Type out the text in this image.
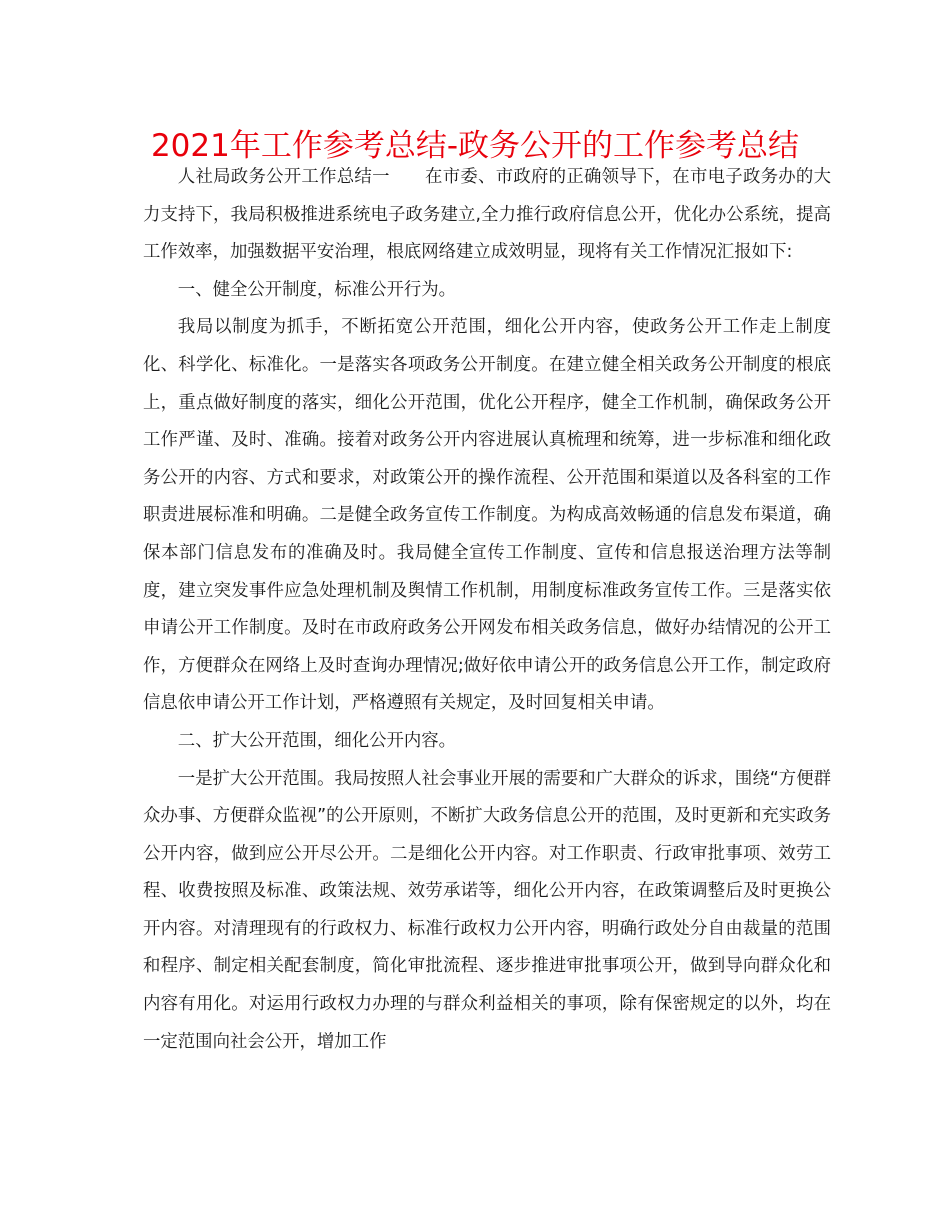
2021年工作参考总结-政务公开的工作参考总结

人社局政务公开工作总结一　　在市委、市政府的正确领导下，在市电子政务办的大力支持下，我局积极推进系统电子政务建立,全力推行政府信息公开，优化办公系统，提高工作效率，加强数据平安治理，根底网络建立成效明显，现将有关工作情况汇报如下:

一、健全公开制度，标准公开行为。

我局以制度为抓手，不断拓宽公开范围，细化公开内容，使政务公开工作走上制度化、科学化、标准化。一是落实各项政务公开制度。在建立健全相关政务公开制度的根底上，重点做好制度的落实，细化公开范围，优化公开程序，健全工作机制，确保政务公开工作严谨、及时、准确。接着对政务公开内容进展认真梳理和统筹，进一步标准和细化政务公开的内容、方式和要求，对政策公开的操作流程、公开范围和渠道以及各科室的工作职责进展标准和明确。二是健全政务宣传工作制度。为构成高效畅通的信息发布渠道，确保本部门信息发布的准确及时。我局健全宣传工作制度、宣传和信息报送治理方法等制度，建立突发事件应急处理机制及舆情工作机制，用制度标准政务宣传工作。三是落实依申请公开工作制度。及时在市政府政务公开网发布相关政务信息，做好办结情况的公开工作，方便群众在网络上及时查询办理情况;做好依申请公开的政务信息公开工作，制定政府信息依申请公开工作计划，严格遵照有关规定，及时回复相关申请。

二、扩大公开范围，细化公开内容。

一是扩大公开范围。我局按照人社会事业开展的需要和广大群众的诉求，围绕“方便群众办事、方便群众监视”的公开原则，不断扩大政务信息公开的范围，及时更新和充实政务公开内容，做到应公开尽公开。二是细化公开内容。对工作职责、行政审批事项、效劳工程、收费按照及标准、政策法规、效劳承诺等，细化公开内容，在政策调整后及时更换公开内容。对清理现有的行政权力、标准行政权力公开内容，明确行政处分自由裁量的范围和程序、制定相关配套制度，简化审批流程、逐步推进审批事项公开，做到导向群众化和内容有用化。对运用行政权力办理的与群众利益相关的事项，除有保密规定的以外，均在一定范围向社会公开，增加工作
